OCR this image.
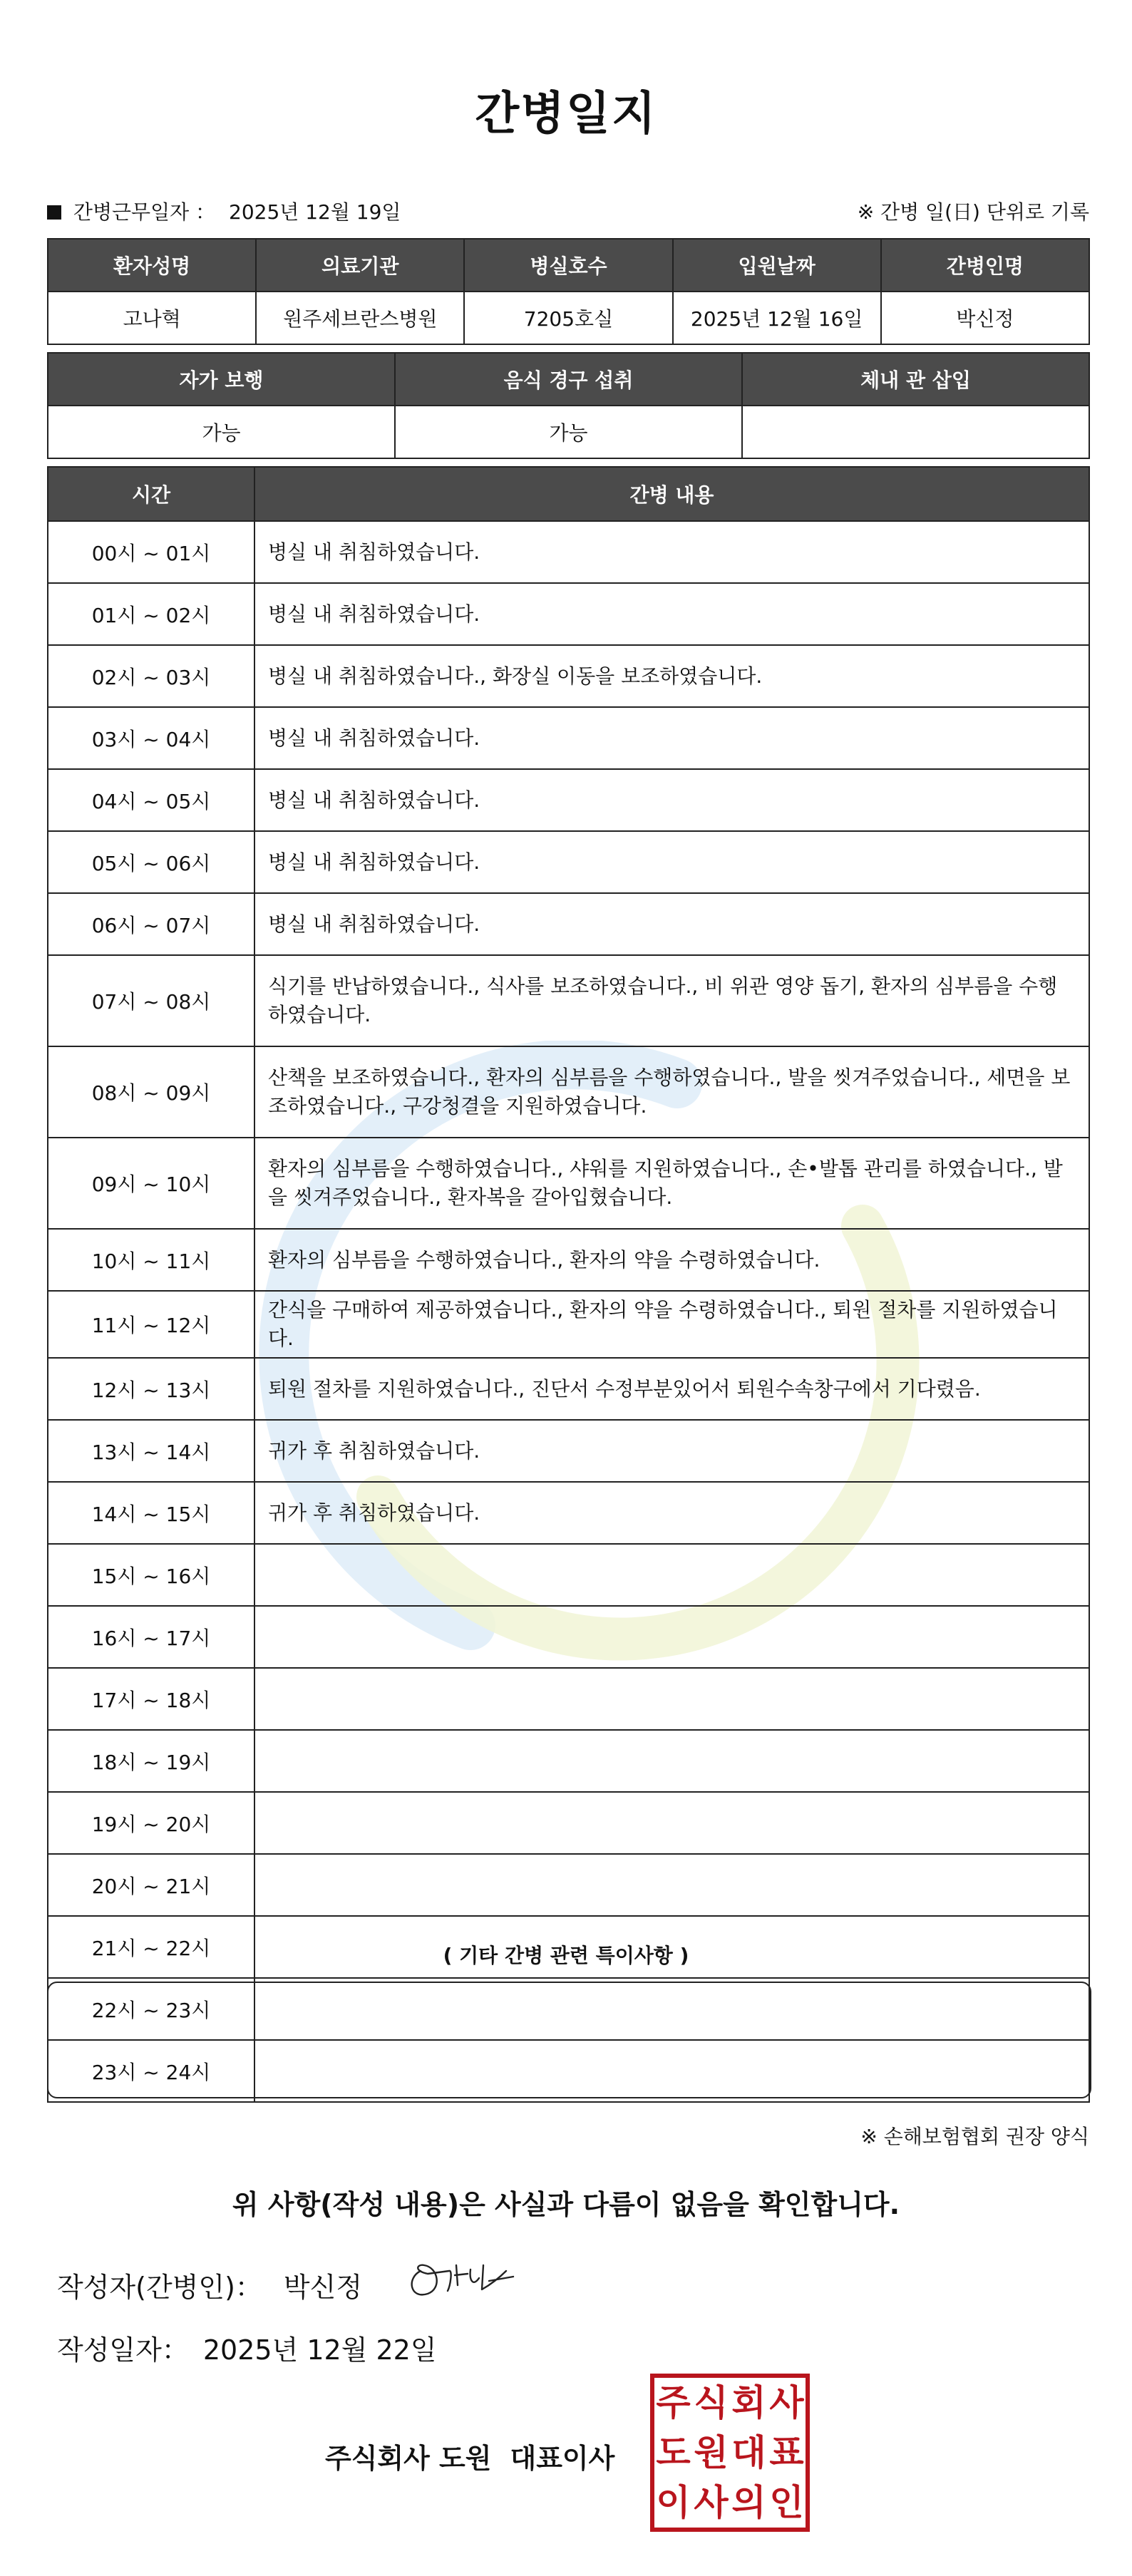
간병일지
간병근무일자 ： 2025년 12월 19일	※ 간병 일(日) 단위로 기록
환자성명	의료기관	병실호수	입원날짜	간병인명
고나혁	원주세브란스병원	7205호실	2025년 12월 16일	박신정
자가 보행	음식 경구 섭취	체내 관 삽입
가능	가능	
시간	간병 내용
00시 ~ 01시	병실 내 취침하였습니다.
01시 ~ 02시	병실 내 취침하였습니다.
02시 ~ 03시	병실 내 취침하였습니다., 화장실 이동을 보조하였습니다.
03시 ~ 04시	병실 내 취침하였습니다.
04시 ~ 05시	병실 내 취침하였습니다.
05시 ~ 06시	병실 내 취침하였습니다.
06시 ~ 07시	병실 내 취침하였습니다.
07시 ~ 08시	식기를 반납하였습니다., 식사를 보조하였습니다., 비 위관 영양 돕기, 환자의 심부름을 수행하였습니다.
08시 ~ 09시	산책을 보조하였습니다., 환자의 심부름을 수행하였습니다., 발을 씻겨주었습니다., 세면을 보조하였습니다., 구강청결을 지원하였습니다.
09시 ~ 10시	환자의 심부름을 수행하였습니다., 샤워를 지원하였습니다., 손•발톱 관리를 하였습니다., 발을 씻겨주었습니다., 환자복을 갈아입혔습니다.
10시 ~ 11시	환자의 심부름을 수행하였습니다., 환자의 약을 수령하였습니다.
11시 ~ 12시	간식을 구매하여 제공하였습니다., 환자의 약을 수령하였습니다., 퇴원 절차를 지원하였습니다.
12시 ~ 13시	퇴원 절차를 지원하였습니다., 진단서 수정부분있어서 퇴원수속창구에서 기다렸음.
13시 ~ 14시	귀가 후 취침하였습니다.
14시 ~ 15시	귀가 후 취침하였습니다.
15시 ~ 16시	
16시 ~ 17시	
17시 ~ 18시	
18시 ~ 19시	
19시 ~ 20시	
20시 ~ 21시	
21시 ~ 22시	
22시 ~ 23시	
23시 ~ 24시	
( 기타 간병 관련 특이사항 )
※ 손해보험협회 권장 양식
위 사항(작성 내용)은 사실과 다름이 없음을 확인합니다.
작성자(간병인)： 박신정
작성일자： 2025년 12월 22일
주식회사 도원 대표이사
주 식 회 사
도 원 대 표
이 사 의 인
